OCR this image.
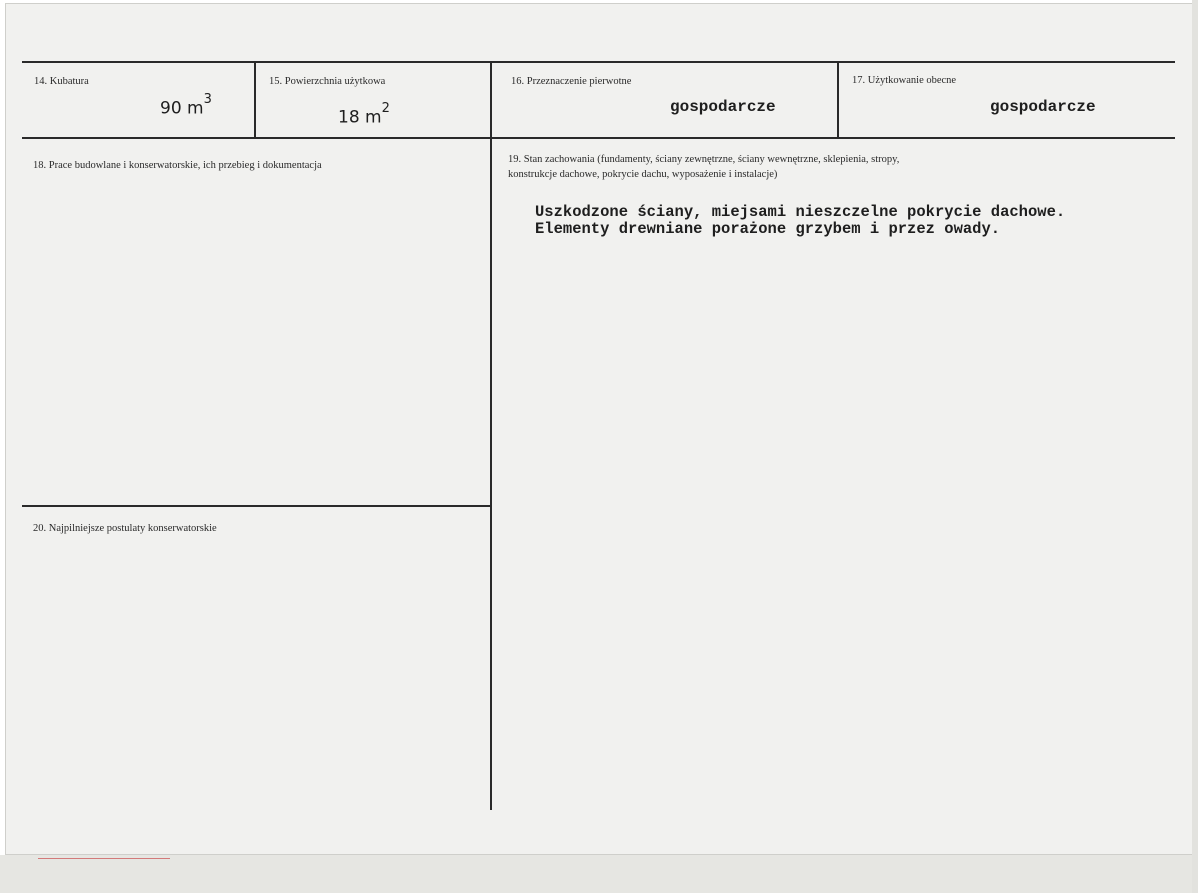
14. Kubatura
90 $m^3$
15. Powierzchnia użytkowa
18 $m^2$
16. Przeznaczenie pierwotne
gospodarcze
17. Użytkowanie obecne
gospodarcze
18. Prace budowlane i konserwatorskie, ich przebieg i dokumentacja
19. Stan zachowania (fundamenty, ściany zewnętrzne, ściany wewnętrzne, sklepienia, stropy,
konstrukcje dachowe, pokrycie dachu, wyposażenie i instalacje)
Uszkodzone ściany, miejsami nieszczelne pokrycie dachowe.
Elementy drewniane porażone grzybem i przez owady.
20. Najpilniejsze postulaty konserwatorskie
